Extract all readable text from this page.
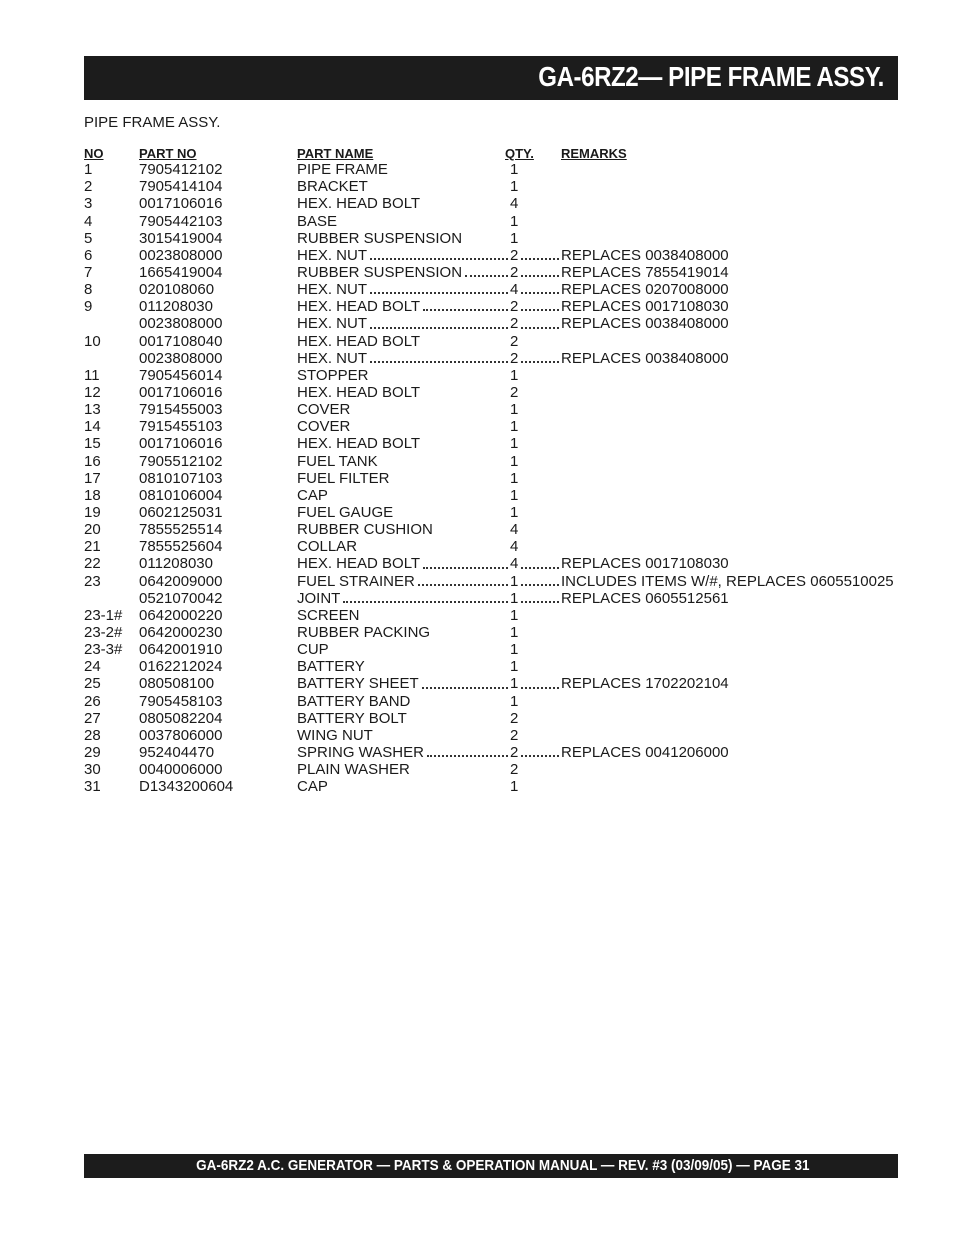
GA-6RZ2— PIPE FRAME ASSY.
PIPE FRAME ASSY.
NO	PART NO	PART NAME	QTY. REMARKS
1	7905412102	PIPE FRAME	1
2	7905414104	BRACKET	1
3	0017106016	HEX. HEAD BOLT	4
4	7905442103	BASE	1
5	3015419004	RUBBER SUSPENSION	1
6	0023808000	HEX. NUT	2	REPLACES 0038408000
7	1665419004	RUBBER SUSPENSION	2	REPLACES 7855419014
8	020108060	HEX. NUT	4	REPLACES 0207008000
9	011208030	HEX. HEAD BOLT	2	REPLACES 0017108030
0023808000	HEX. NUT	2	REPLACES 0038408000
10	0017108040	HEX. HEAD BOLT	2
0023808000	HEX. NUT	2	REPLACES 0038408000
11	7905456014	STOPPER	1
12	0017106016	HEX. HEAD BOLT	2
13	7915455003	COVER	1
14	7915455103	COVER	1
15	0017106016	HEX. HEAD BOLT	1
16	7905512102	FUEL TANK	1
17	0810107103	FUEL FILTER	1
18	0810106004	CAP	1
19	0602125031	FUEL GAUGE	1
20	7855525514	RUBBER CUSHION	4
21	7855525604	COLLAR	4
22	011208030	HEX. HEAD BOLT	4	REPLACES 0017108030
23	0642009000	FUEL STRAINER	1	INCLUDES ITEMS W/#, REPLACES 0605510025
0521070042	JOINT	1	REPLACES 0605512561
23-1# 0642000220	SCREEN	1
23-2# 0642000230	RUBBER PACKING	1
23-3# 0642001910	CUP	1
24	0162212024	BATTERY	1
25	080508100	BATTERY SHEET	1	REPLACES 1702202104
26	7905458103	BATTERY BAND	1
27	0805082204	BATTERY BOLT	2
28	0037806000	WING NUT	2
29	952404470	SPRING WASHER	2	REPLACES 0041206000
30	0040006000	PLAIN WASHER	2
31	D1343200604	CAP	1
GA-6RZ2 A.C. GENERATOR — PARTS & OPERATION MANUAL — REV. #3 (03/09/05) — PAGE 31
